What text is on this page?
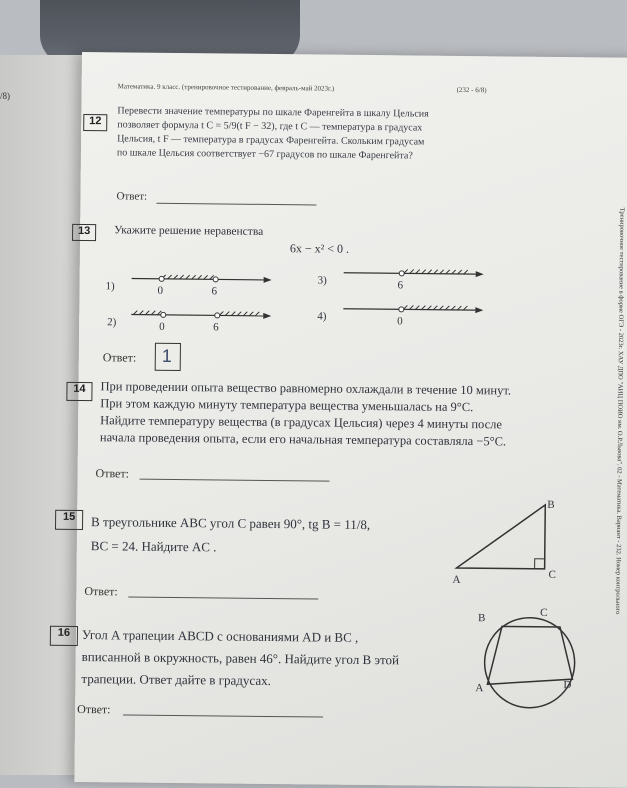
/8)
Математика. 9 класс. (тренировочное тестирование, февраль-май 2023г.)	(232 - 6/8)
Тренировочное тестирование в форме ОГЭ - 2023г. ХАУ ДПО "АИЦ ПОИО им. О.Р.Львова". 02 - Математика. Вариант - 232. Номер контрольного
12
Перевести значение температуры по шкале Фаренгейта в шкалу Цельсия
позволяет формула t C = 5/9(t F − 32), где t C — температура в градусах
Цельсия, t F — температура в градусах Фаренгейта. Скольким градусам
по шкале Цельсия соответствует −67 градусов по шкале Фаренгейта?
Ответ:
13	Укажите решение неравенства
6x − x² < 0 .
1)	0	6
2)	0	6
3)	6
4)	0
Ответ: 1
14	При проведении опыта вещество равномерно охлаждали в течение 10 минут.
При этом каждую минуту температура вещества уменьшалась на 9°C.
Найдите температуру вещества (в градусах Цельсия) через 4 минуты после
начала проведения опыта, если его начальная температура составляла −5°C.
Ответ:
15	В треугольнике ABC угол C равен 90°, tg B = 11/8,
BC = 24. Найдите AC .
A
B
C
Ответ:
16 Угол A трапеции ABCD с основаниями AD и BC ,
вписанной в окружность, равен 46°. Найдите угол B этой
трапеции. Ответ дайте в градусах.
B	C
A	D
Ответ:
